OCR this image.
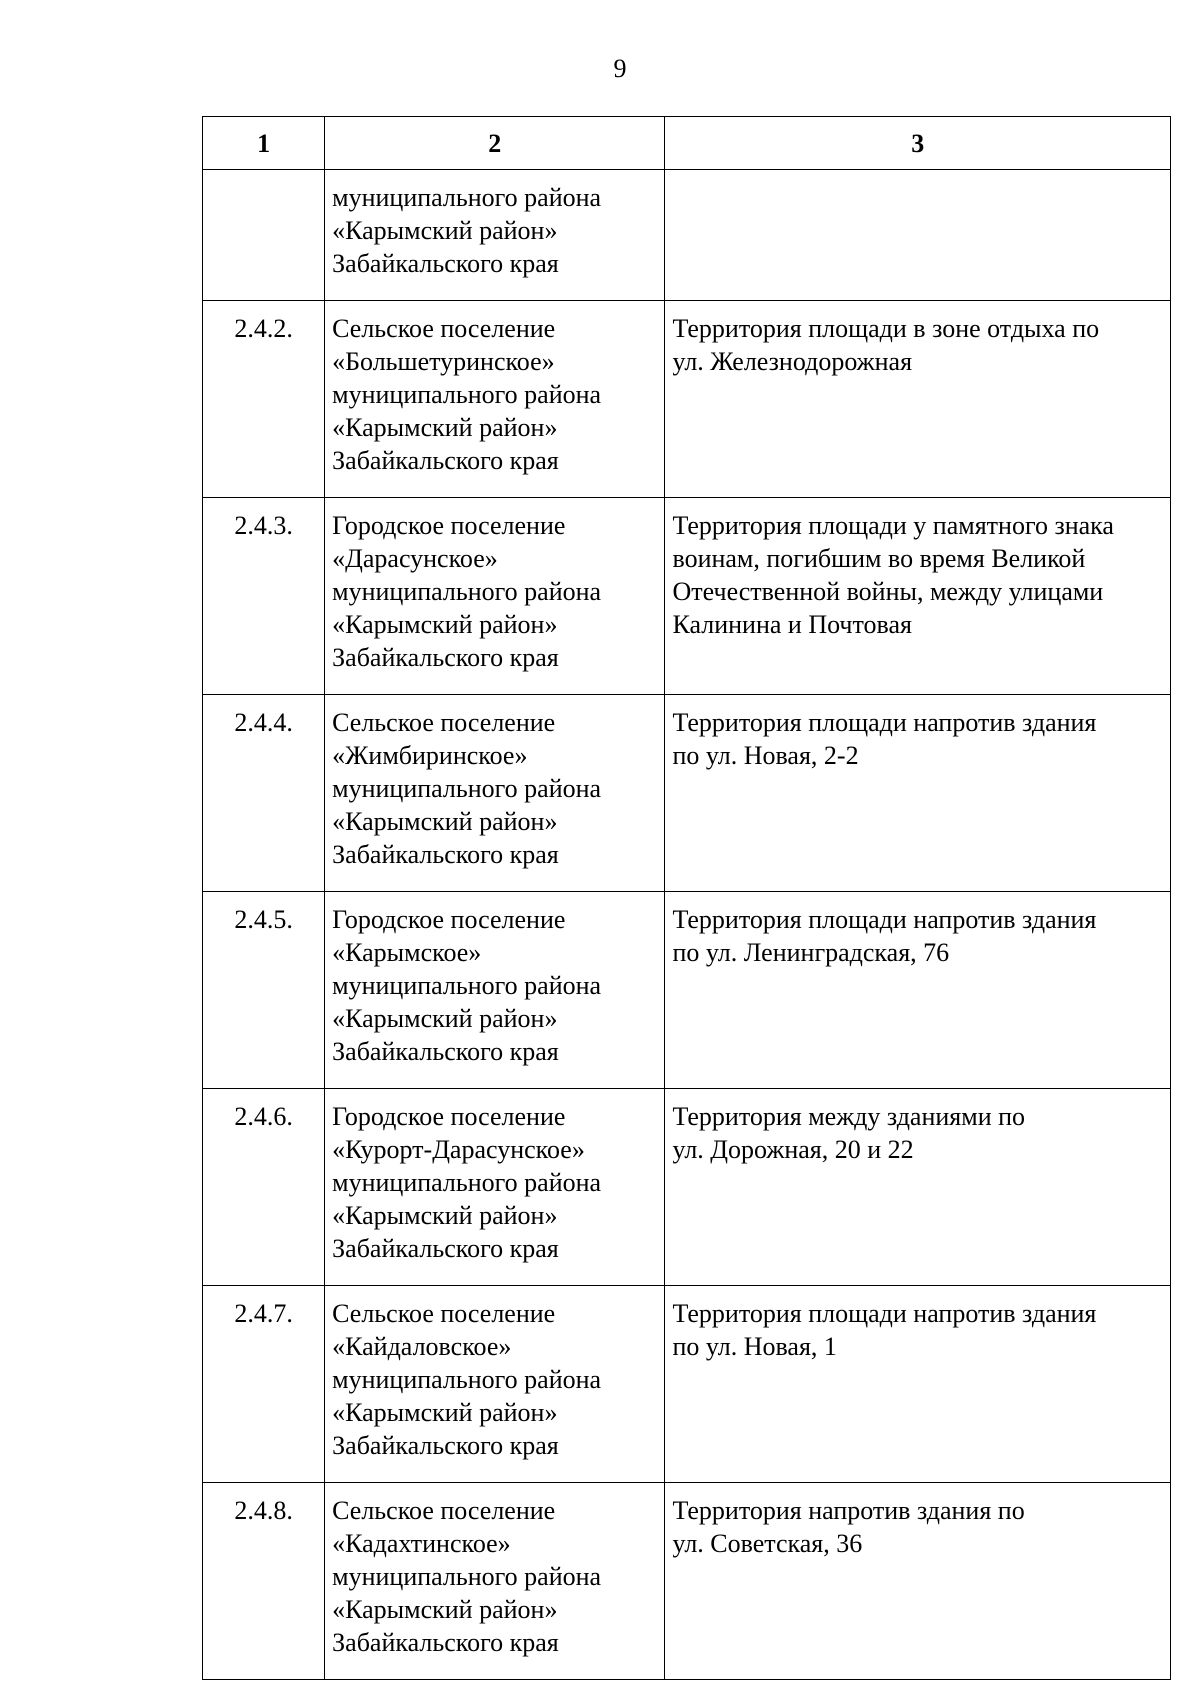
9
1	2	3

	муниципального района
«Карымский район»
Забайкальского края	

2.4.2.	Сельское поселение
«Большетуринское»
муниципального района
«Карымский район»
Забайкальского края	Территория площади в зоне отдыха по
ул. Железнодорожная

2.4.3.	Городское поселение
«Дарасунское»
муниципального района
«Карымский район»
Забайкальского края	Территория площади у памятного знака
воинам, погибшим во время Великой
Отечественной войны, между улицами
Калинина и Почтовая

2.4.4.	Сельское поселение
«Жимбиринское»
муниципального района
«Карымский район»
Забайкальского края	Территория площади напротив здания
по ул. Новая, 2-2

2.4.5.	Городское поселение
«Карымское»
муниципального района
«Карымский район»
Забайкальского края	Территория площади напротив здания
по ул. Ленинградская, 76

2.4.6.	Городское поселение
«Курорт-Дарасунское»
муниципального района
«Карымский район»
Забайкальского края	Территория между зданиями по
ул. Дорожная, 20 и 22

2.4.7.	Сельское поселение
«Кайдаловское»
муниципального района
«Карымский район»
Забайкальского края	Территория площади напротив здания
по ул. Новая, 1

2.4.8.	Сельское поселение
«Кадахтинское»
муниципального района
«Карымский район»
Забайкальского края	Территория напротив здания по
ул. Советская, 36
